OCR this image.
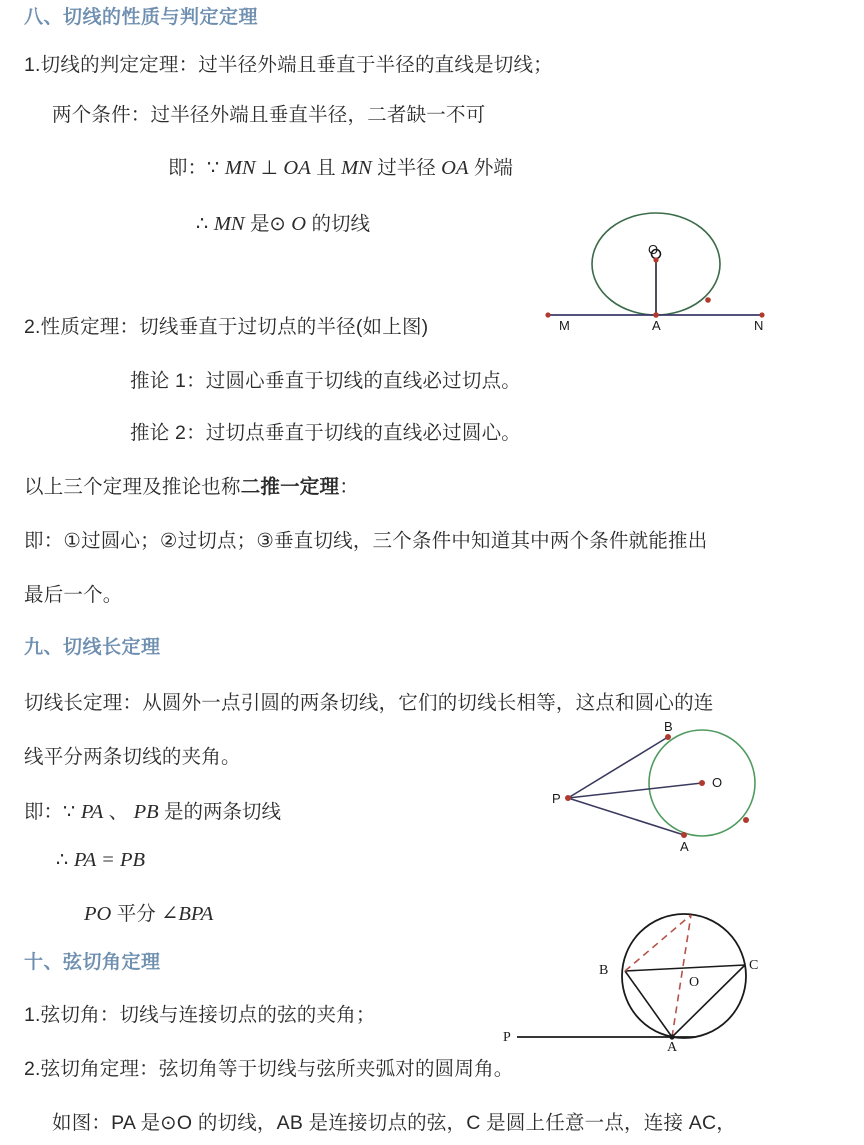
八、切线的性质与判定定理
1.切线的判定定理：过半径外端且垂直于半径的直线是切线；
两个条件：过半径外端且垂直半径，二者缺一不可
即：∵ MN ⊥ OA 且 MN 过半径 OA 外端
∴ MN 是⊙ O 的切线
O
M	A	N
2.性质定理：切线垂直于过切点的半径(如上图)
推论 1：过圆心垂直于切线的直线必过切点。
推论 2：过切点垂直于切线的直线必过圆心。
以上三个定理及推论也称二推一定理：
即：①过圆心；②过切点；③垂直切线，三个条件中知道其中两个条件就能推出
最后一个。
九、切线长定理
切线长定理：从圆外一点引圆的两条切线，它们的切线长相等，这点和圆心的连
线平分两条切线的夹角。
B
O
P
A
即：∵ PA 、 PB 是的两条切线
∴ PA = PB
PO 平分 ∠BPA
十、弦切角定理	B
O
C
P
A
1.弦切角：切线与连接切点的弦的夹角；
2.弦切角定理：弦切角等于切线与弦所夹弧对的圆周角。
如图：PA 是⊙O 的切线，AB 是连接切点的弦，C 是圆上任意一点，连接 AC，
